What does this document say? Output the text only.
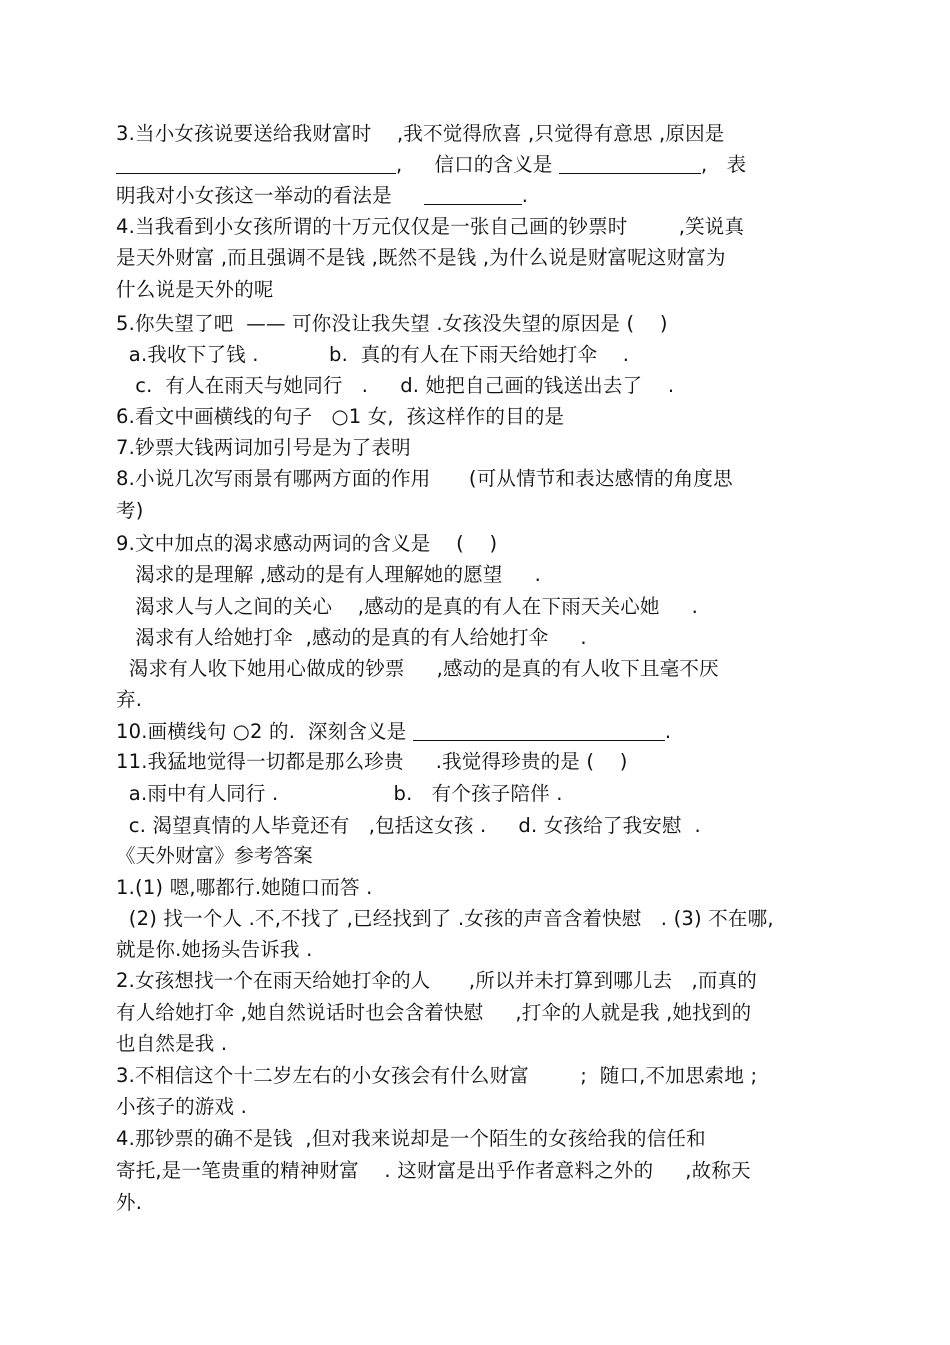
3.当小女孩说要送给我财富时    ,我不觉得欣喜 ,只觉得有意思 ,原因是
,     信口的含义是	,   表
明我对小女孩这一举动的看法是	.
4.当我看到小女孩所谓的十万元仅仅是一张自己画的钞票时        ,笑说真
是天外财富 ,而且强调不是钱 ,既然不是钱 ,为什么说是财富呢这财富为
什么说是天外的呢
5.你失望了吧  —— 可你没让我失望 .女孩没失望的原因是 (    )
a.我收下了钱 .           b.  真的有人在下雨天给她打伞    .
c.  有人在雨天与她同行   .     d. 她把自己画的钱送出去了    .
6.看文中画横线的句子   ○1 女,  孩这样作的目的是
7.钞票大钱两词加引号是为了表明
8.小说几次写雨景有哪两方面的作用      (可从情节和表达感情的角度思
考)
9.文中加点的渴求感动两词的含义是    (    )
渴求的是理解 ,感动的是有人理解她的愿望     .
渴求人与人之间的关心    ,感动的是真的有人在下雨天关心她     .
渴求有人给她打伞  ,感动的是真的有人给她打伞     .
渴求有人收下她用心做成的钞票     ,感动的是真的有人收下且毫不厌
弃.
10.画横线句 ○2 的.  深刻含义是	.
11.我猛地觉得一切都是那么珍贵     .我觉得珍贵的是 (    )
a.雨中有人同行 .                  b.   有个孩子陪伴 .
c. 渴望真情的人毕竟还有   ,包括这女孩 .     d. 女孩给了我安慰  .
《天外财富》参考答案
1.(1) 嗯,哪都行.她随口而答 .
(2) 找一个人 .不,不找了 ,已经找到了 .女孩的声音含着快慰   . (3) 不在哪,
就是你.她扬头告诉我 .
2.女孩想找一个在雨天给她打伞的人      ,所以并未打算到哪儿去   ,而真的
有人给她打伞 ,她自然说话时也会含着快慰     ,打伞的人就是我 ,她找到的
也自然是我 .
3.不相信这个十二岁左右的小女孩会有什么财富        ;  随口,不加思索地 ;
小孩子的游戏 .
4.那钞票的确不是钱  ,但对我来说却是一个陌生的女孩给我的信任和
寄托,是一笔贵重的精神财富    . 这财富是出乎作者意料之外的     ,故称天
外.
